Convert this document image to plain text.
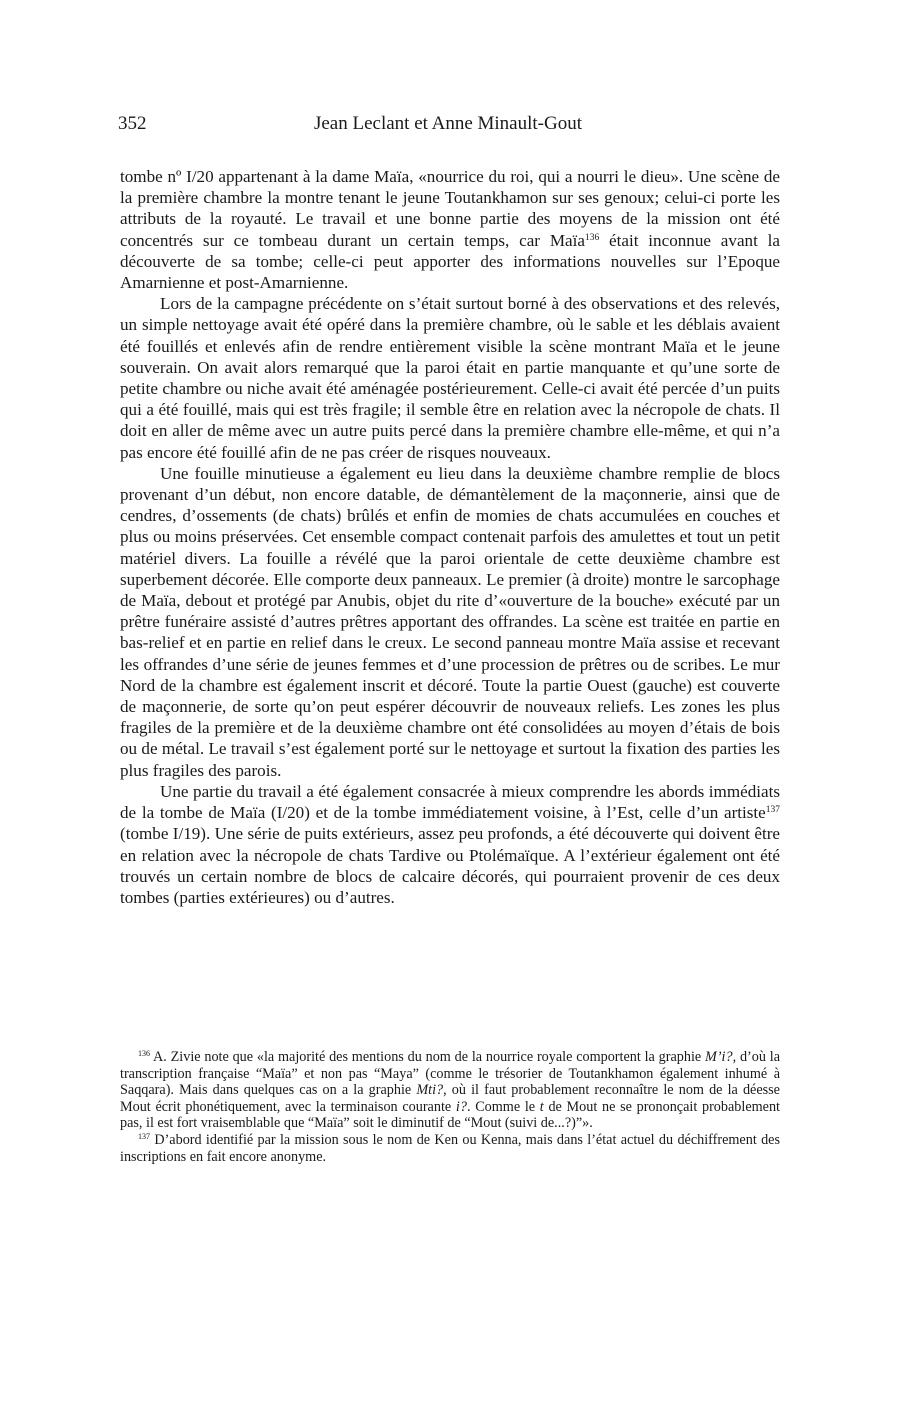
352	Jean Leclant et Anne Minault-Gout

tombe nº I/20 appartenant à la dame Maïa, «nourrice du roi, qui a nourri le dieu». Une scène de la première chambre la montre tenant le jeune Toutankhamon sur ses genoux; celui-ci porte les attributs de la royauté. Le travail et une bonne partie des moyens de la mission ont été concentrés sur ce tombeau durant un certain temps, car Maïa$^{136}$ était inconnue avant la découverte de sa tombe; celle-ci peut apporter des informations nouvelles sur l’Epoque Amarnienne et post-Amarnienne.

Lors de la campagne précédente on s’était surtout borné à des observations et des relevés, un simple nettoyage avait été opéré dans la première chambre, où le sable et les déblais avaient été fouillés et enlevés afin de rendre entièrement visible la scène montrant Maïa et le jeune souverain. On avait alors remarqué que la paroi était en partie manquante et qu’une sorte de petite chambre ou niche avait été aménagée postérieurement. Celle-ci avait été percée d’un puits qui a été fouillé, mais qui est très fragile; il semble être en relation avec la nécropole de chats. Il doit en aller de même avec un autre puits percé dans la première chambre elle-même, et qui n’a pas encore été fouillé afin de ne pas créer de risques nouveaux.

Une fouille minutieuse a également eu lieu dans la deuxième chambre remplie de blocs provenant d’un début, non encore datable, de démantèlement de la maçonnerie, ainsi que de cendres, d’ossements (de chats) brûlés et enfin de momies de chats accumulées en couches et plus ou moins préservées. Cet ensemble compact contenait parfois des amulettes et tout un petit matériel divers. La fouille a révélé que la paroi orientale de cette deuxième chambre est superbement décorée. Elle comporte deux panneaux. Le premier (à droite) montre le sarcophage de Maïa, debout et protégé par Anubis, objet du rite d’«ouverture de la bouche» exécuté par un prêtre funéraire assisté d’autres prêtres apportant des offrandes. La scène est traitée en partie en bas-relief et en partie en relief dans le creux. Le second panneau montre Maïa assise et recevant les offrandes d’une série de jeunes femmes et d’une procession de prêtres ou de scribes. Le mur Nord de la chambre est également inscrit et décoré. Toute la partie Ouest (gauche) est couverte de maçonnerie, de sorte qu’on peut espérer découvrir de nouveaux reliefs. Les zones les plus fragiles de la première et de la deuxième chambre ont été consolidées au moyen d’étais de bois ou de métal. Le travail s’est également porté sur le nettoyage et surtout la fixation des parties les plus fragiles des parois.

Une partie du travail a été également consacrée à mieux comprendre les abords immédiats de la tombe de Maïa (I/20) et de la tombe immédiatement voisine, à l’Est, celle d’un artiste$^{137}$ (tombe I/19). Une série de puits extérieurs, assez peu profonds, a été découverte qui doivent être en relation avec la nécropole de chats Tardive ou Ptolémaïque. A l’extérieur également ont été trouvés un certain nombre de blocs de calcaire décorés, qui pourraient provenir de ces deux tombes (parties extérieures) ou d’autres.

$^{136}$ A. Zivie note que «la majorité des mentions du nom de la nourrice royale comportent la graphie M’i?, d’où la transcription française “Maïa” et non pas “Maya” (comme le trésorier de Toutankhamon également inhumé à Saqqara). Mais dans quelques cas on a la graphie Mti?, où il faut probablement reconnaître le nom de la déesse Mout écrit phonétiquement, avec la terminaison courante i?. Comme le t de Mout ne se prononçait probablement pas, il est fort vraisemblable que “Maïa” soit le diminutif de “Mout (suivi de...?)”».

$^{137}$ D’abord identifié par la mission sous le nom de Ken ou Kenna, mais dans l’état actuel du déchiffrement des inscriptions en fait encore anonyme.
